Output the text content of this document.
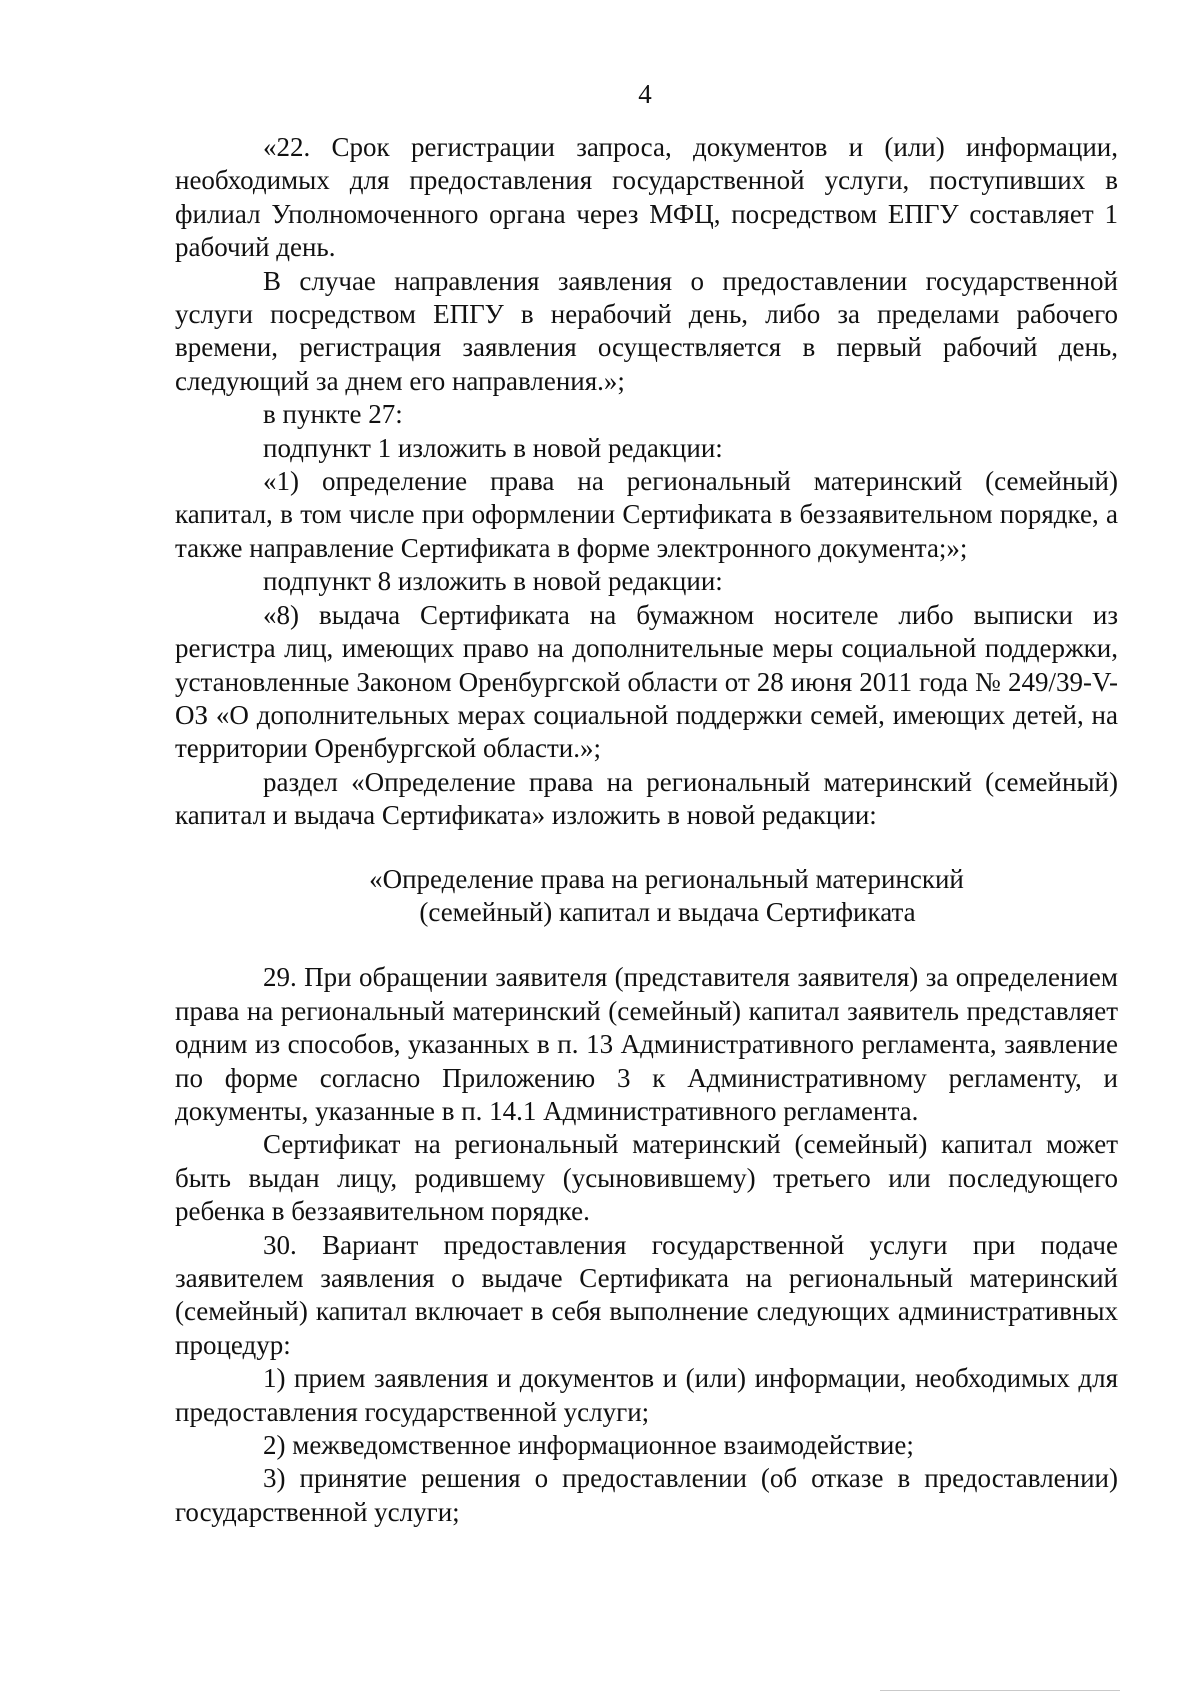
4

«22. Срок регистрации запроса, документов и (или) информации, необходимых для предоставления государственной услуги, поступивших в филиал Уполномоченного органа через МФЦ, посредством ЕПГУ составляет 1 рабочий день.

В случае направления заявления о предоставлении государственной услуги посредством ЕПГУ в нерабочий день, либо за пределами рабочего времени, регистрация заявления осуществляется в первый рабочий день, следующий за днем его направления.»;

в пункте 27:

подпункт 1 изложить в новой редакции:

«1) определение права на региональный материнский (семейный) капитал, в том числе при оформлении Сертификата в беззаявительном порядке, а также направление Сертификата в форме электронного документа;»;

подпункт 8 изложить в новой редакции:

«8) выдача Сертификата на бумажном носителе либо выписки из регистра лиц, имеющих право на дополнительные меры социальной поддержки, установленные Законом Оренбургской области от 28 июня 2011 года № 249/39-V-ОЗ «О дополнительных мерах социальной поддержки семей, имеющих детей, на территории Оренбургской области.»;

раздел «Определение права на региональный материнский (семейный) капитал и выдача Сертификата» изложить в новой редакции:

«Определение права на региональный материнский
(семейный) капитал и выдача Сертификата

29. При обращении заявителя (представителя заявителя) за определением права на региональный материнский (семейный) капитал заявитель представляет одним из способов, указанных в п. 13 Административного регламента, заявление по форме согласно Приложению 3 к Административному регламенту, и документы, указанные в п. 14.1 Административного регламента.

Сертификат на региональный материнский (семейный) капитал может быть выдан лицу, родившему (усыновившему) третьего или последующего ребенка в беззаявительном порядке.

30. Вариант предоставления государственной услуги при подаче заявителем заявления о выдаче Сертификата на региональный материнский (семейный) капитал включает в себя выполнение следующих административных процедур:

1) прием заявления и документов и (или) информации, необходимых для предоставления государственной услуги;

2) межведомственное информационное взаимодействие;

3) принятие решения о предоставлении (об отказе в предоставлении) государственной услуги;
